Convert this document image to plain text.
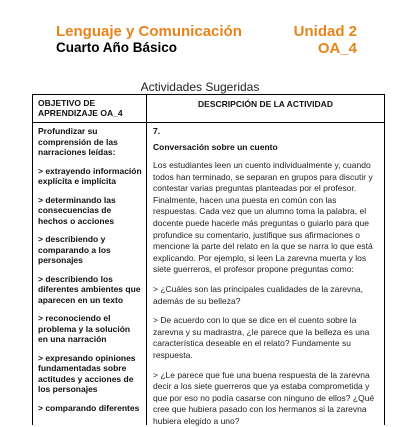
Lenguaje y Comunicación
Cuarto Año Básico
Unidad 2
OA_4
Actividades Sugeridas
OBJETIVO DE APRENDIZAJE OA_4
DESCRIPCIÓN DE LA ACTIVIDAD

Profundizar su comprensión de las narraciones leídas:

> extrayendo información explícita e implícita

> determinando las consecuencias de hechos o acciones

> describiendo y comparando a los personajes

> describiendo los diferentes ambientes que aparecen en un texto

> reconociendo el problema y la solución en una narración

> expresando opiniones fundamentadas sobre actitudes y acciones de los personajes

> comparando diferentes

7.

Conversación sobre un cuento

Los estudiantes leen un cuento individualmente y, cuando todos han terminado, se separan en grupos para discutir y contestar varias preguntas planteadas por el profesor. Finalmente, hacen una puesta en común con las respuestas. Cada vez que un alumno toma la palabra, el docente puede hacerle más preguntas o guiarlo para que profundice su comentario, justifique sus afirmaciones o mencione la parte del relato en la que se narra lo que está explicando. Por ejemplo, si leen La zarevna muerta y los siete guerreros, el profesor propone preguntas como:

> ¿Cuáles son las principales cualidades de la zarevna, además de su belleza?

> De acuerdo con lo que se dice en el cuento sobre la zarevna y su madrastra, ¿le parece que la belleza es una característica deseable en el relato? Fundamente su respuesta.

> ¿Le parece que fue una buena respuesta de la zarevna decir a los siete guerreros que ya estaba comprometida y que por eso no podía casarse con ninguno de ellos? ¿Qué cree que hubiera pasado con los hermanos si la zarevna hubiera elegido a uno?
